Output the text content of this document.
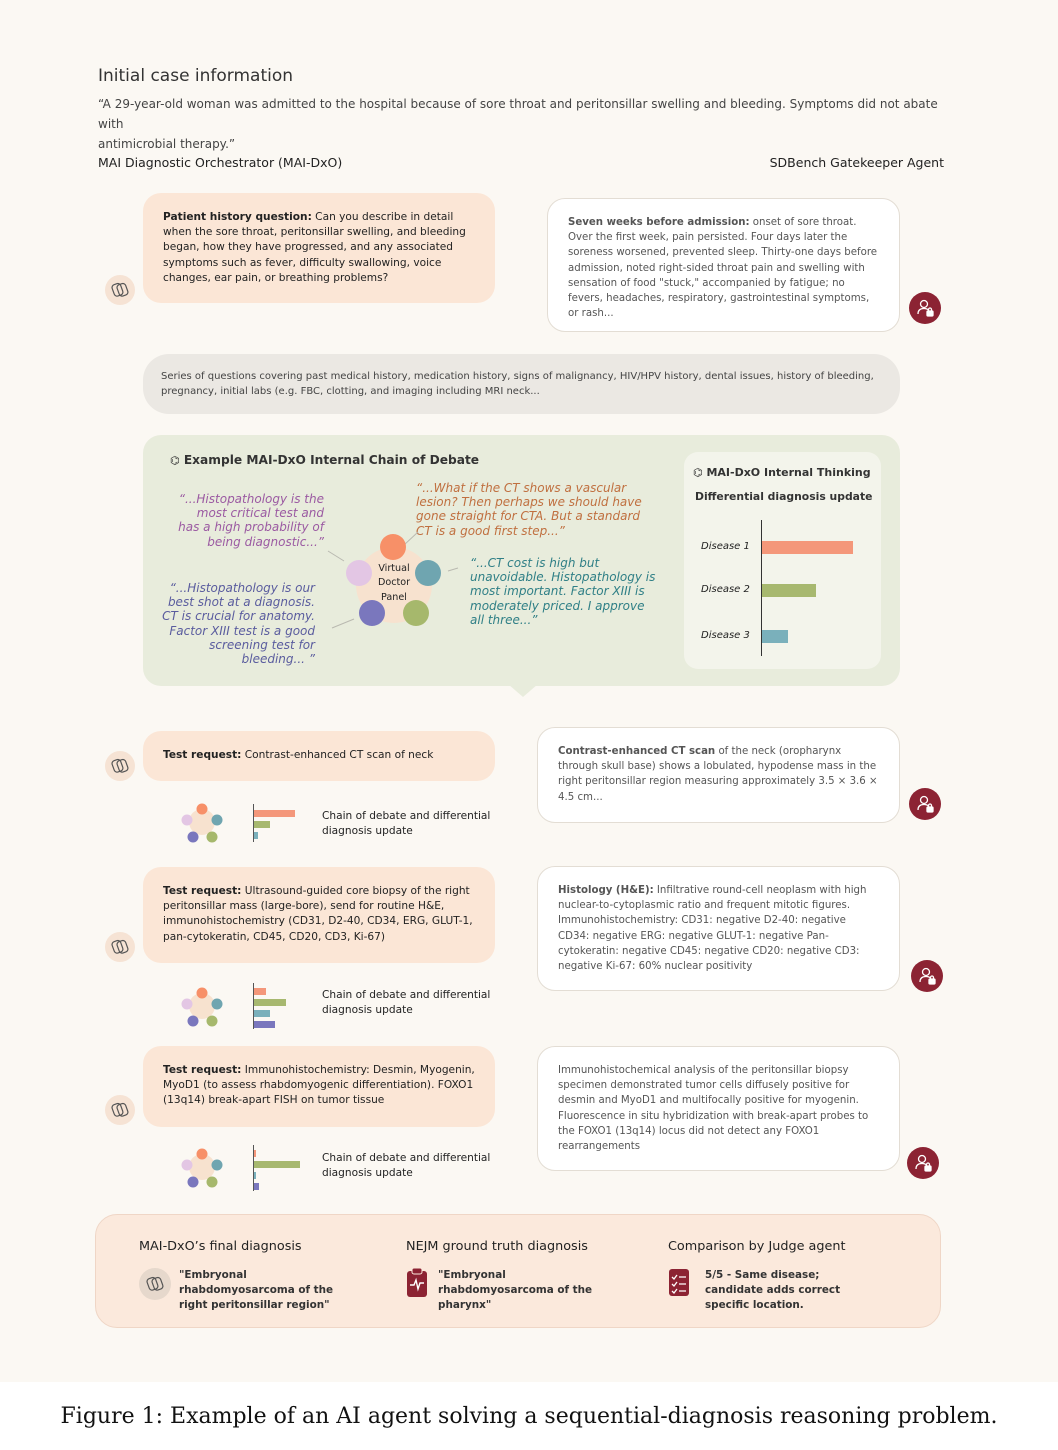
Initial case information
“A 29-year-old woman was admitted to the hospital because of sore throat and peritonsillar swelling and bleeding. Symptoms did not abate with
antimicrobial therapy.”
MAI Diagnostic Orchestrator (MAI-DxO)	SDBench Gatekeeper Agent
Patient history question: Can you describe in detail when the sore throat, peritonsillar swelling, and bleeding began, how they have progressed, and any associated symptoms such as fever, difficulty swallowing, voice changes, ear pain, or breathing problems?
Seven weeks before admission: onset of sore throat. Over the first week, pain persisted. Four days later the soreness worsened, prevented sleep. Thirty-one days before admission, noted right-sided throat pain and swelling with sensation of food "stuck," accompanied by fatigue; no fevers, headaches, respiratory, gastrointestinal symptoms, or rash...
Series of questions covering past medical history, medication history, signs of malignancy, HIV/HPV history, dental issues, history of bleeding, pregnancy, initial labs (e.g. FBC, clotting, and imaging including MRI neck...
⌬ Example MAI-DxO Internal Chain of Debate
“...Histopathology is the most critical test and has a high probability of being diagnostic...”
“...What if the CT shows a vascular lesion? Then perhaps we should have gone straight for CTA. But a standard CT is a good first step...”
“...CT cost is high but unavoidable. Histopathology is most important. Factor XIII is moderately priced. I approve all three...”
“...Histopathology is our best shot at a diagnosis. CT is crucial for anatomy. Factor XIII test is a good screening test for bleeding... ”
Virtual
Doctor
Panel
⌬ MAI-DxO Internal Thinking
Differential diagnosis update
Disease 1
Disease 2
Disease 3
Test request: Contrast-enhanced CT scan of neck	Contrast-enhanced CT scan of the neck (oropharynx through skull base) shows a lobulated, hypodense mass in the right peritonsillar region measuring approximately 3.5 × 3.6 × 4.5 cm...
Chain of debate and differential diagnosis update
Test request: Ultrasound-guided core biopsy of the right peritonsillar mass (large-bore), send for routine H&E, immunohistochemistry (CD31, D2-40, CD34, ERG, GLUT-1, pan-cytokeratin, CD45, CD20, CD3, Ki-67)
Histology (H&E): Infiltrative round-cell neoplasm with high nuclear-to-cytoplasmic ratio and frequent mitotic figures. Immunohistochemistry: CD31: negative D2-40: negative CD34: negative ERG: negative GLUT-1: negative Pan-cytokeratin: negative CD45: negative CD20: negative CD3: negative Ki-67: 60% nuclear positivity
Chain of debate and differential diagnosis update
Test request: Immunohistochemistry: Desmin, Myogenin, MyoD1 (to assess rhabdomyogenic differentiation). FOXO1 (13q14) break-apart FISH on tumor tissue
Immunohistochemical analysis of the peritonsillar biopsy specimen demonstrated tumor cells diffusely positive for desmin and MyoD1 and multifocally positive for myogenin. Fluorescence in situ hybridization with break-apart probes to the FOXO1 (13q14) locus did not detect any FOXO1 rearrangements
Chain of debate and differential diagnosis update
MAI-DxO’s final diagnosis
"Embryonal rhabdomyosarcoma of the right peritonsillar region"
NEJM ground truth diagnosis
"Embryonal rhabdomyosarcoma of the pharynx"
Comparison by Judge agent
5/5 - Same disease; candidate adds correct specific location.
Figure 1: Example of an AI agent solving a sequential-diagnosis reasoning problem.
